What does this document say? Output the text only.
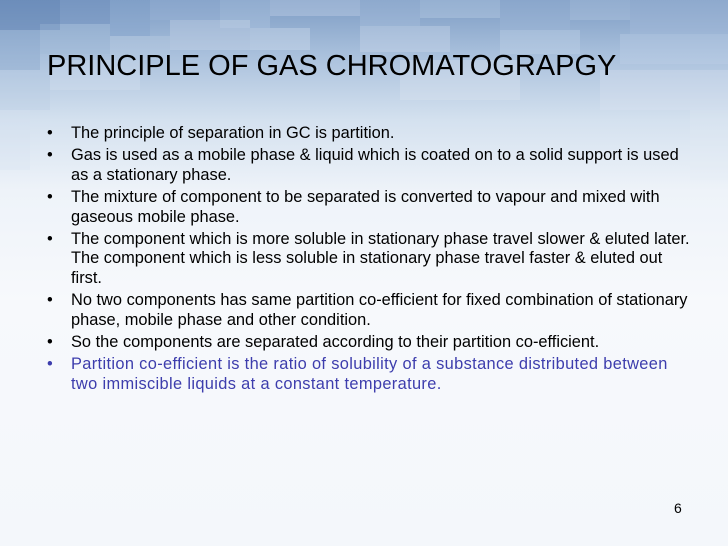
PRINCIPLE OF GAS CHROMATOGRAPGY
•	The principle of separation in GC is partition.
•	Gas is used as a mobile phase & liquid which is coated on to a solid support is used as a stationary phase.
•	The mixture of component to be separated is converted to vapour and mixed with gaseous mobile phase.
•	The component which is more soluble in stationary phase travel slower & eluted later. The component which is less soluble in stationary phase travel faster & eluted out first.
•	No two components has same partition co-efficient for fixed combination of stationary phase, mobile phase and other condition.
•	So the components are separated according to their partition co-efficient.
•	Partition co-efficient is the ratio of solubility of a substance distributed between two immiscible liquids at a constant temperature.
6
